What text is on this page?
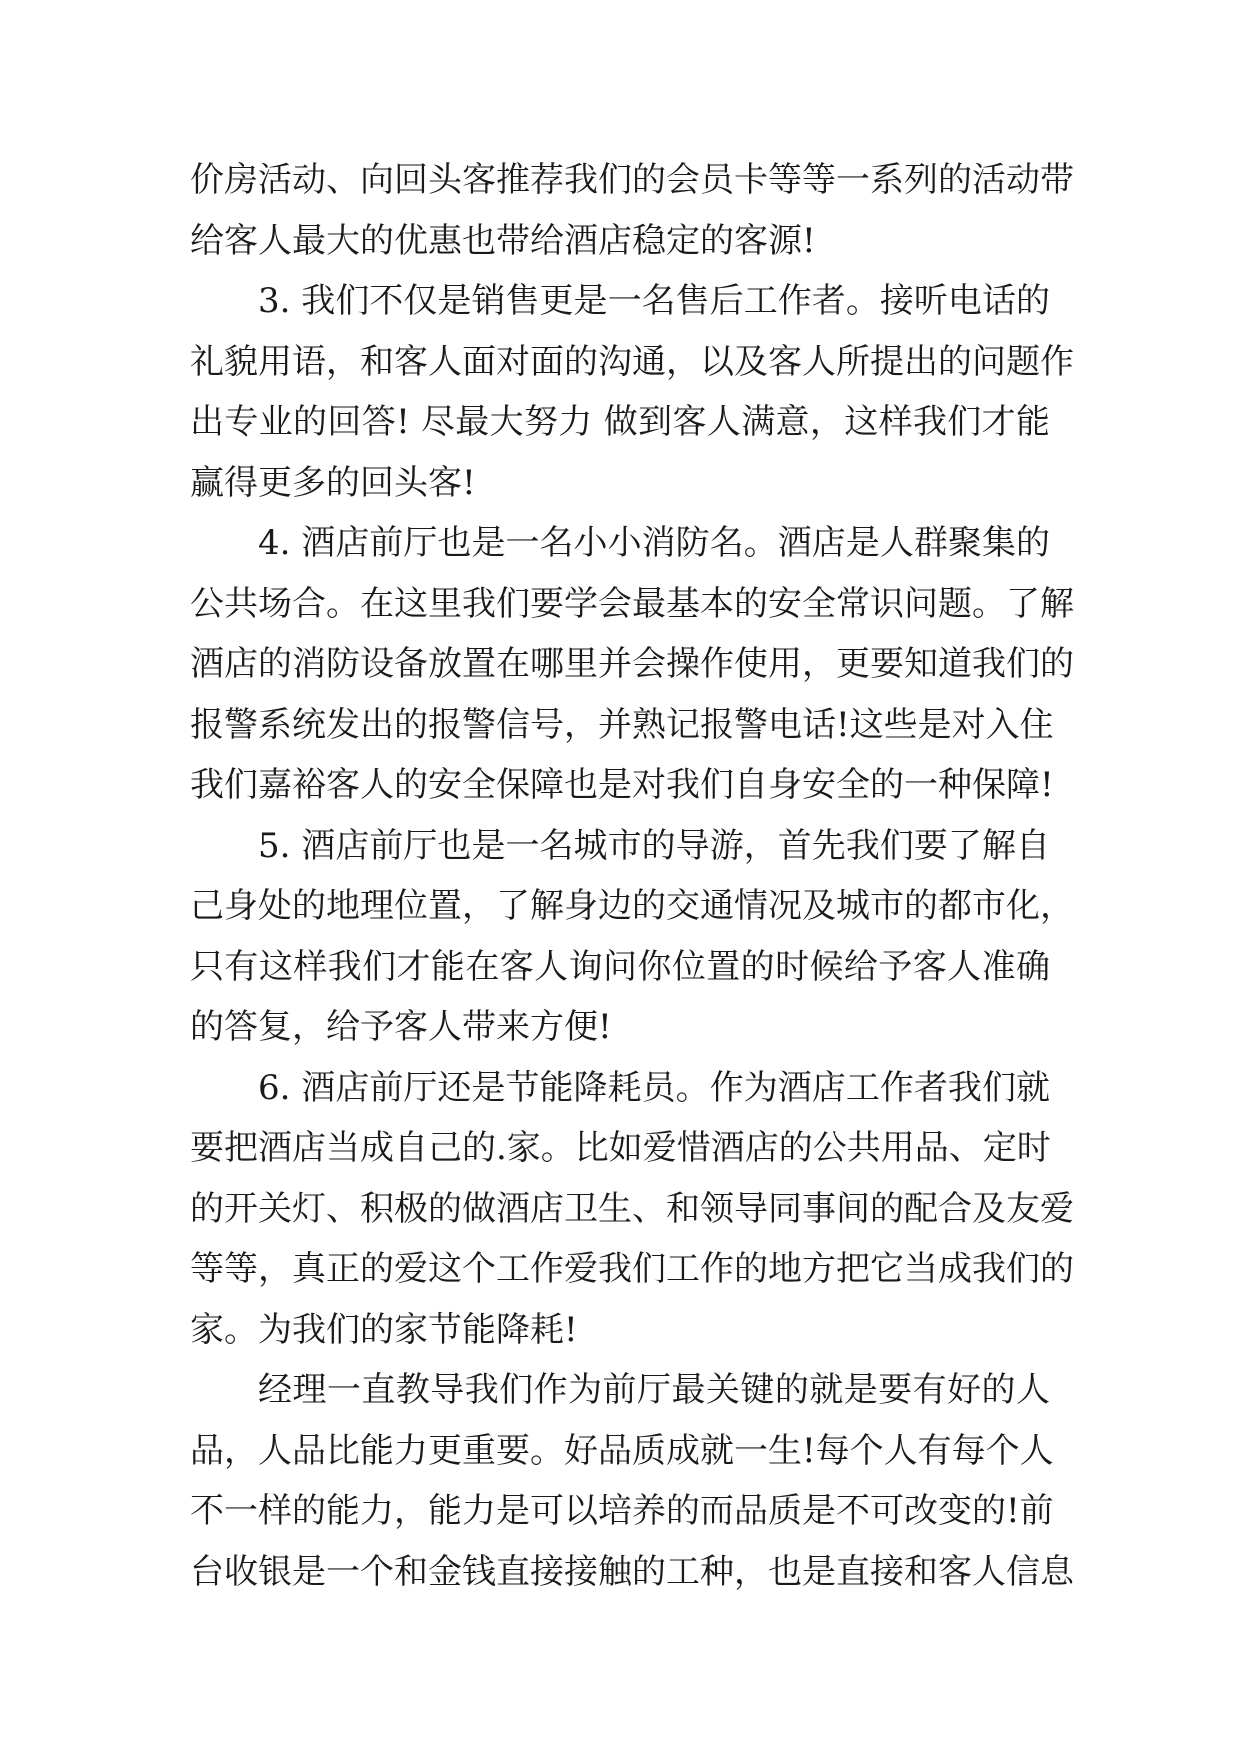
价房活动、向回头客推荐我们的会员卡等等一系列的活动带
给客人最大的优惠也带给酒店稳定的客源!
3. 我们不仅是销售更是一名售后工作者。接听电话的
礼貌用语，和客人面对面的沟通，以及客人所提出的问题作
出专业的回答! 尽最大努力 做到客人满意，这样我们才能
赢得更多的回头客!
4. 酒店前厅也是一名小小消防名。酒店是人群聚集的
公共场合。在这里我们要学会最基本的安全常识问题。了解
酒店的消防设备放置在哪里并会操作使用，更要知道我们的
报警系统发出的报警信号，并熟记报警电话!这些是对入住
我们嘉裕客人的安全保障也是对我们自身安全的一种保障!
5. 酒店前厅也是一名城市的导游，首先我们要了解自
己身处的地理位置，了解身边的交通情况及城市的都市化，
只有这样我们才能在客人询问你位置的时候给予客人准确
的答复，给予客人带来方便!
6. 酒店前厅还是节能降耗员。作为酒店工作者我们就
要把酒店当成自己的.家。比如爱惜酒店的公共用品、定时
的开关灯、积极的做酒店卫生、和领导同事间的配合及友爱
等等，真正的爱这个工作爱我们工作的地方把它当成我们的
家。为我们的家节能降耗!
经理一直教导我们作为前厅最关键的就是要有好的人
品，人品比能力更重要。好品质成就一生!每个人有每个人
不一样的能力，能力是可以培养的而品质是不可改变的!前
台收银是一个和金钱直接接触的工种，也是直接和客人信息
